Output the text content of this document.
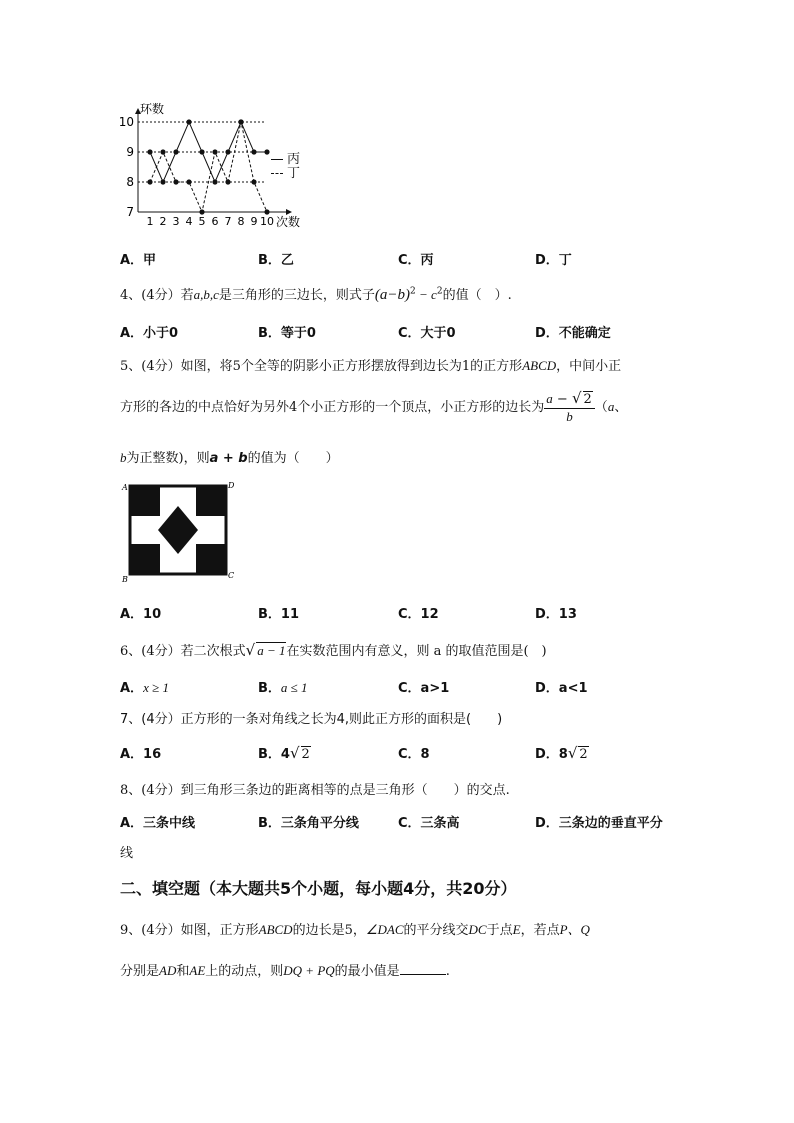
7
8
9
10
1 2 3 4 5 6 7 8 9 10
环数
次数
丙
丁
A．甲	B．乙	C．丙	D．丁
4、(4分）若a,b,c是三角形的三边长，则式子$(a-b)^2 - c^2$的值（　）.
A．小于0	B．等于0	C．大于0	D．不能确定
5、(4分）如图，将5个全等的阴影小正方形摆放得到边长为1的正方形ABCD，中间小正
方形的各边的中点恰好为另外4个小正方形的一个顶点，小正方形的边长为 $\frac{a - √ 2}{b} (a$、
b为正整数)，则a + b的值为（　　）
A	D
B	C
A．10	B．11	C．12	D．13
6、(4分）若二次根式√ a − 1在实数范围内有意义，则 a 的取值范围是(　)
A．x ≥ 1	B．a ≤ 1	C．a>1	D．a<1
7、(4分）正方形的一条对角线之长为4,则此正方形的面积是(　　)
A．16	B．4√ 2	C．8	D．8√ 2
8、(4分）到三角形三条边的距离相等的点是三角形（　　）的交点.
A．三条中线	B．三条角平分线	C．三条高	D．三条边的垂直平分
线
二、填空题（本大题共5个小题，每小题4分，共20分）
9、(4分）如图，正方形ABCD的边长是5，∠DAC的平分线交DC于点E，若点P、Q
分别是AD和AE上的动点，则DQ + PQ的最小值是	.
